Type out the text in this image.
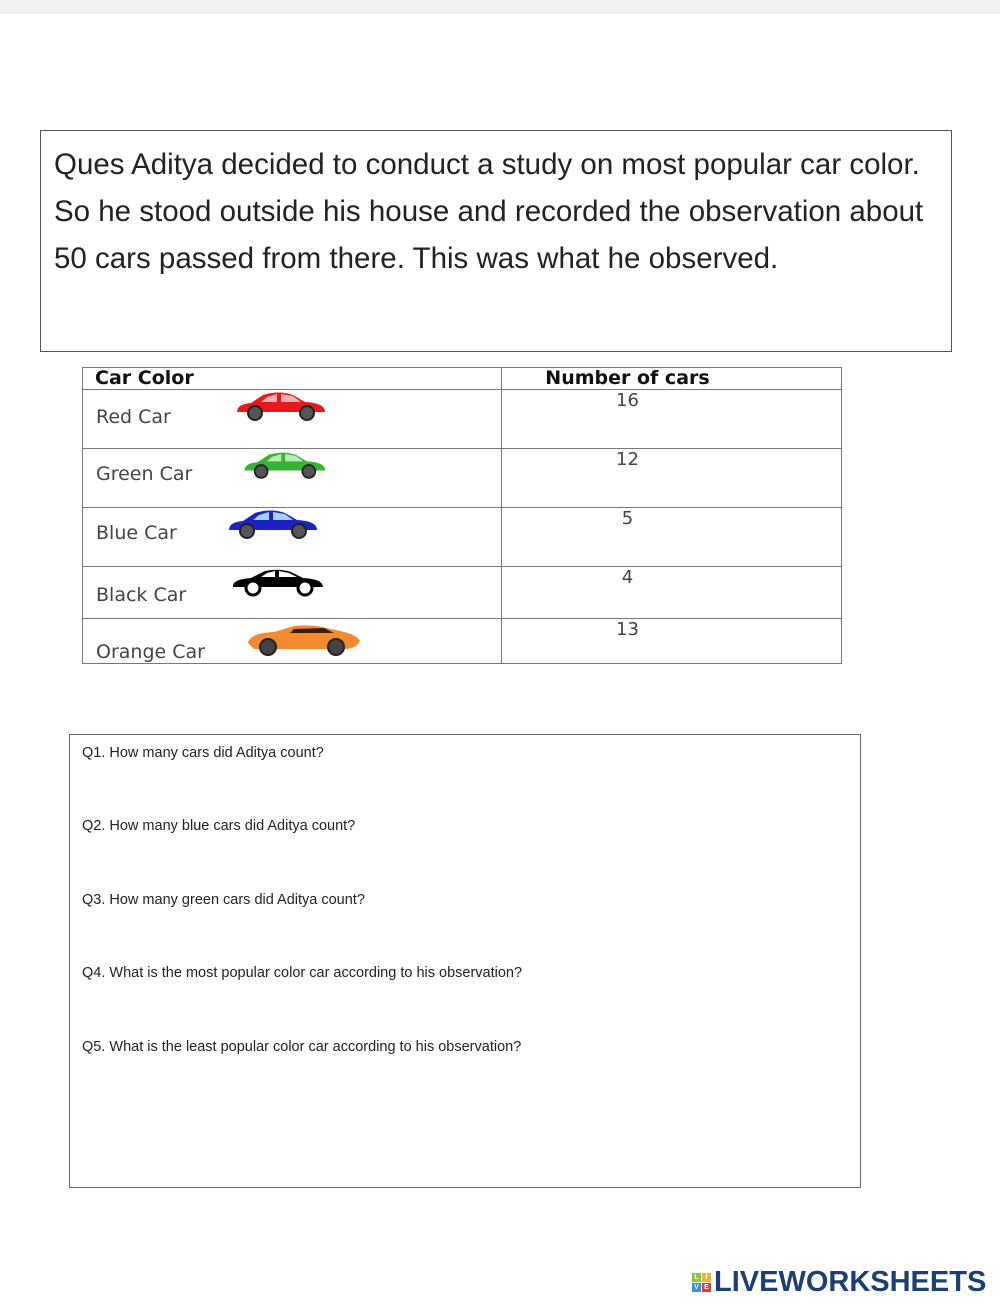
Ques Aditya decided to conduct a study on most popular car color. So he stood outside his house and recorded the observation about 50 cars passed from there. This was what he observed.
Car Color	Number of cars

Red Car	16

Green Car	12

Blue Car	5

Black Car	4

Orange Car	13
Q1. How many cars did Aditya count?
Q2. How many blue cars did Aditya count?
Q3. How many green cars did Aditya count?
Q4. What is the most popular color car according to his observation?
Q5. What is the least popular color car according to his observation?
L I
V E LIVEWORKSHEETS
